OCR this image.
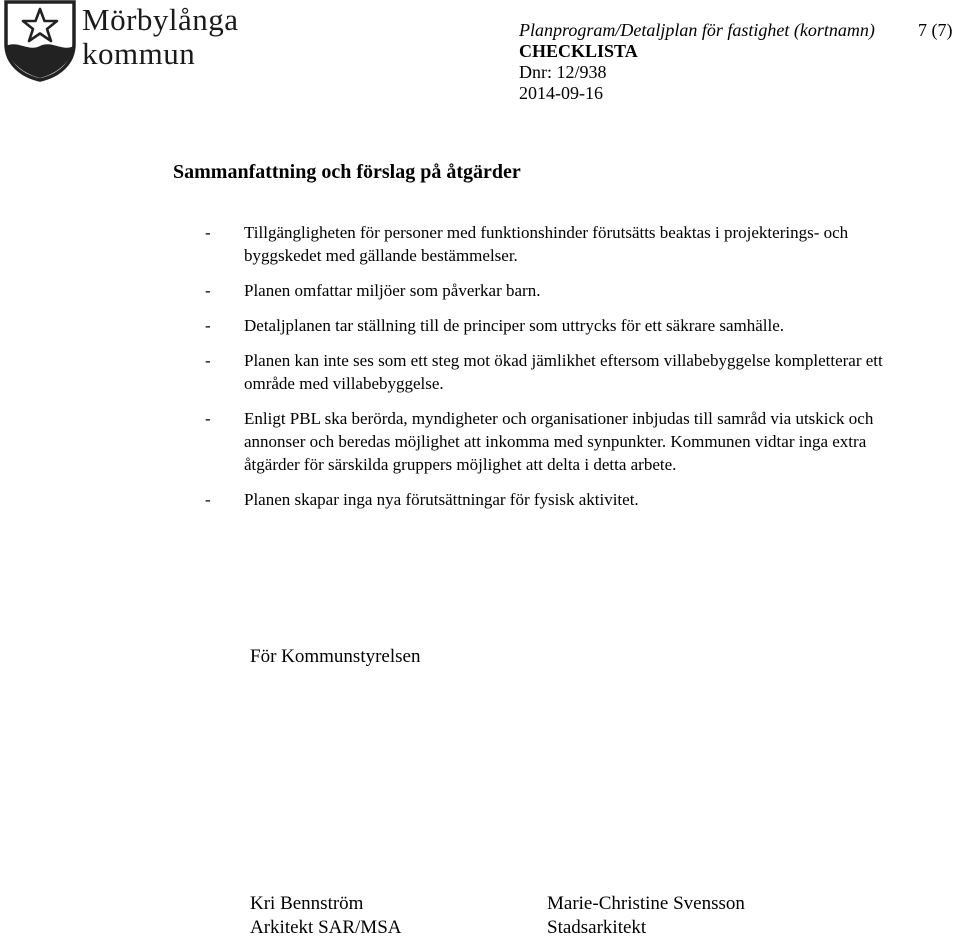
Mörbylånga
kommun
Planprogram/Detaljplan för fastighet (kortnamn)
CHECKLISTA
Dnr: 12/938
2014-09-16
7 (7)
Sammanfattning och förslag på åtgärder
- Tillgängligheten för personer med funktionshinder förutsätts beaktas i projekterings- och byggskedet med gällande bestämmelser.
- Planen omfattar miljöer som påverkar barn.
- Detaljplanen tar ställning till de principer som uttrycks för ett säkrare samhälle.
- Planen kan inte ses som ett steg mot ökad jämlikhet eftersom villabebyggelse kompletterar ett område med villabebyggelse.
- Enligt PBL ska berörda, myndigheter och organisationer inbjudas till samråd via utskick och annonser och beredas möjlighet att inkomma med synpunkter. Kommunen vidtar inga extra åtgärder för särskilda gruppers möjlighet att delta i detta arbete.
- Planen skapar inga nya förutsättningar för fysisk aktivitet.
För Kommunstyrelsen
Kri Bennström
Arkitekt SAR/MSA
Marie-Christine Svensson
Stadsarkitekt
